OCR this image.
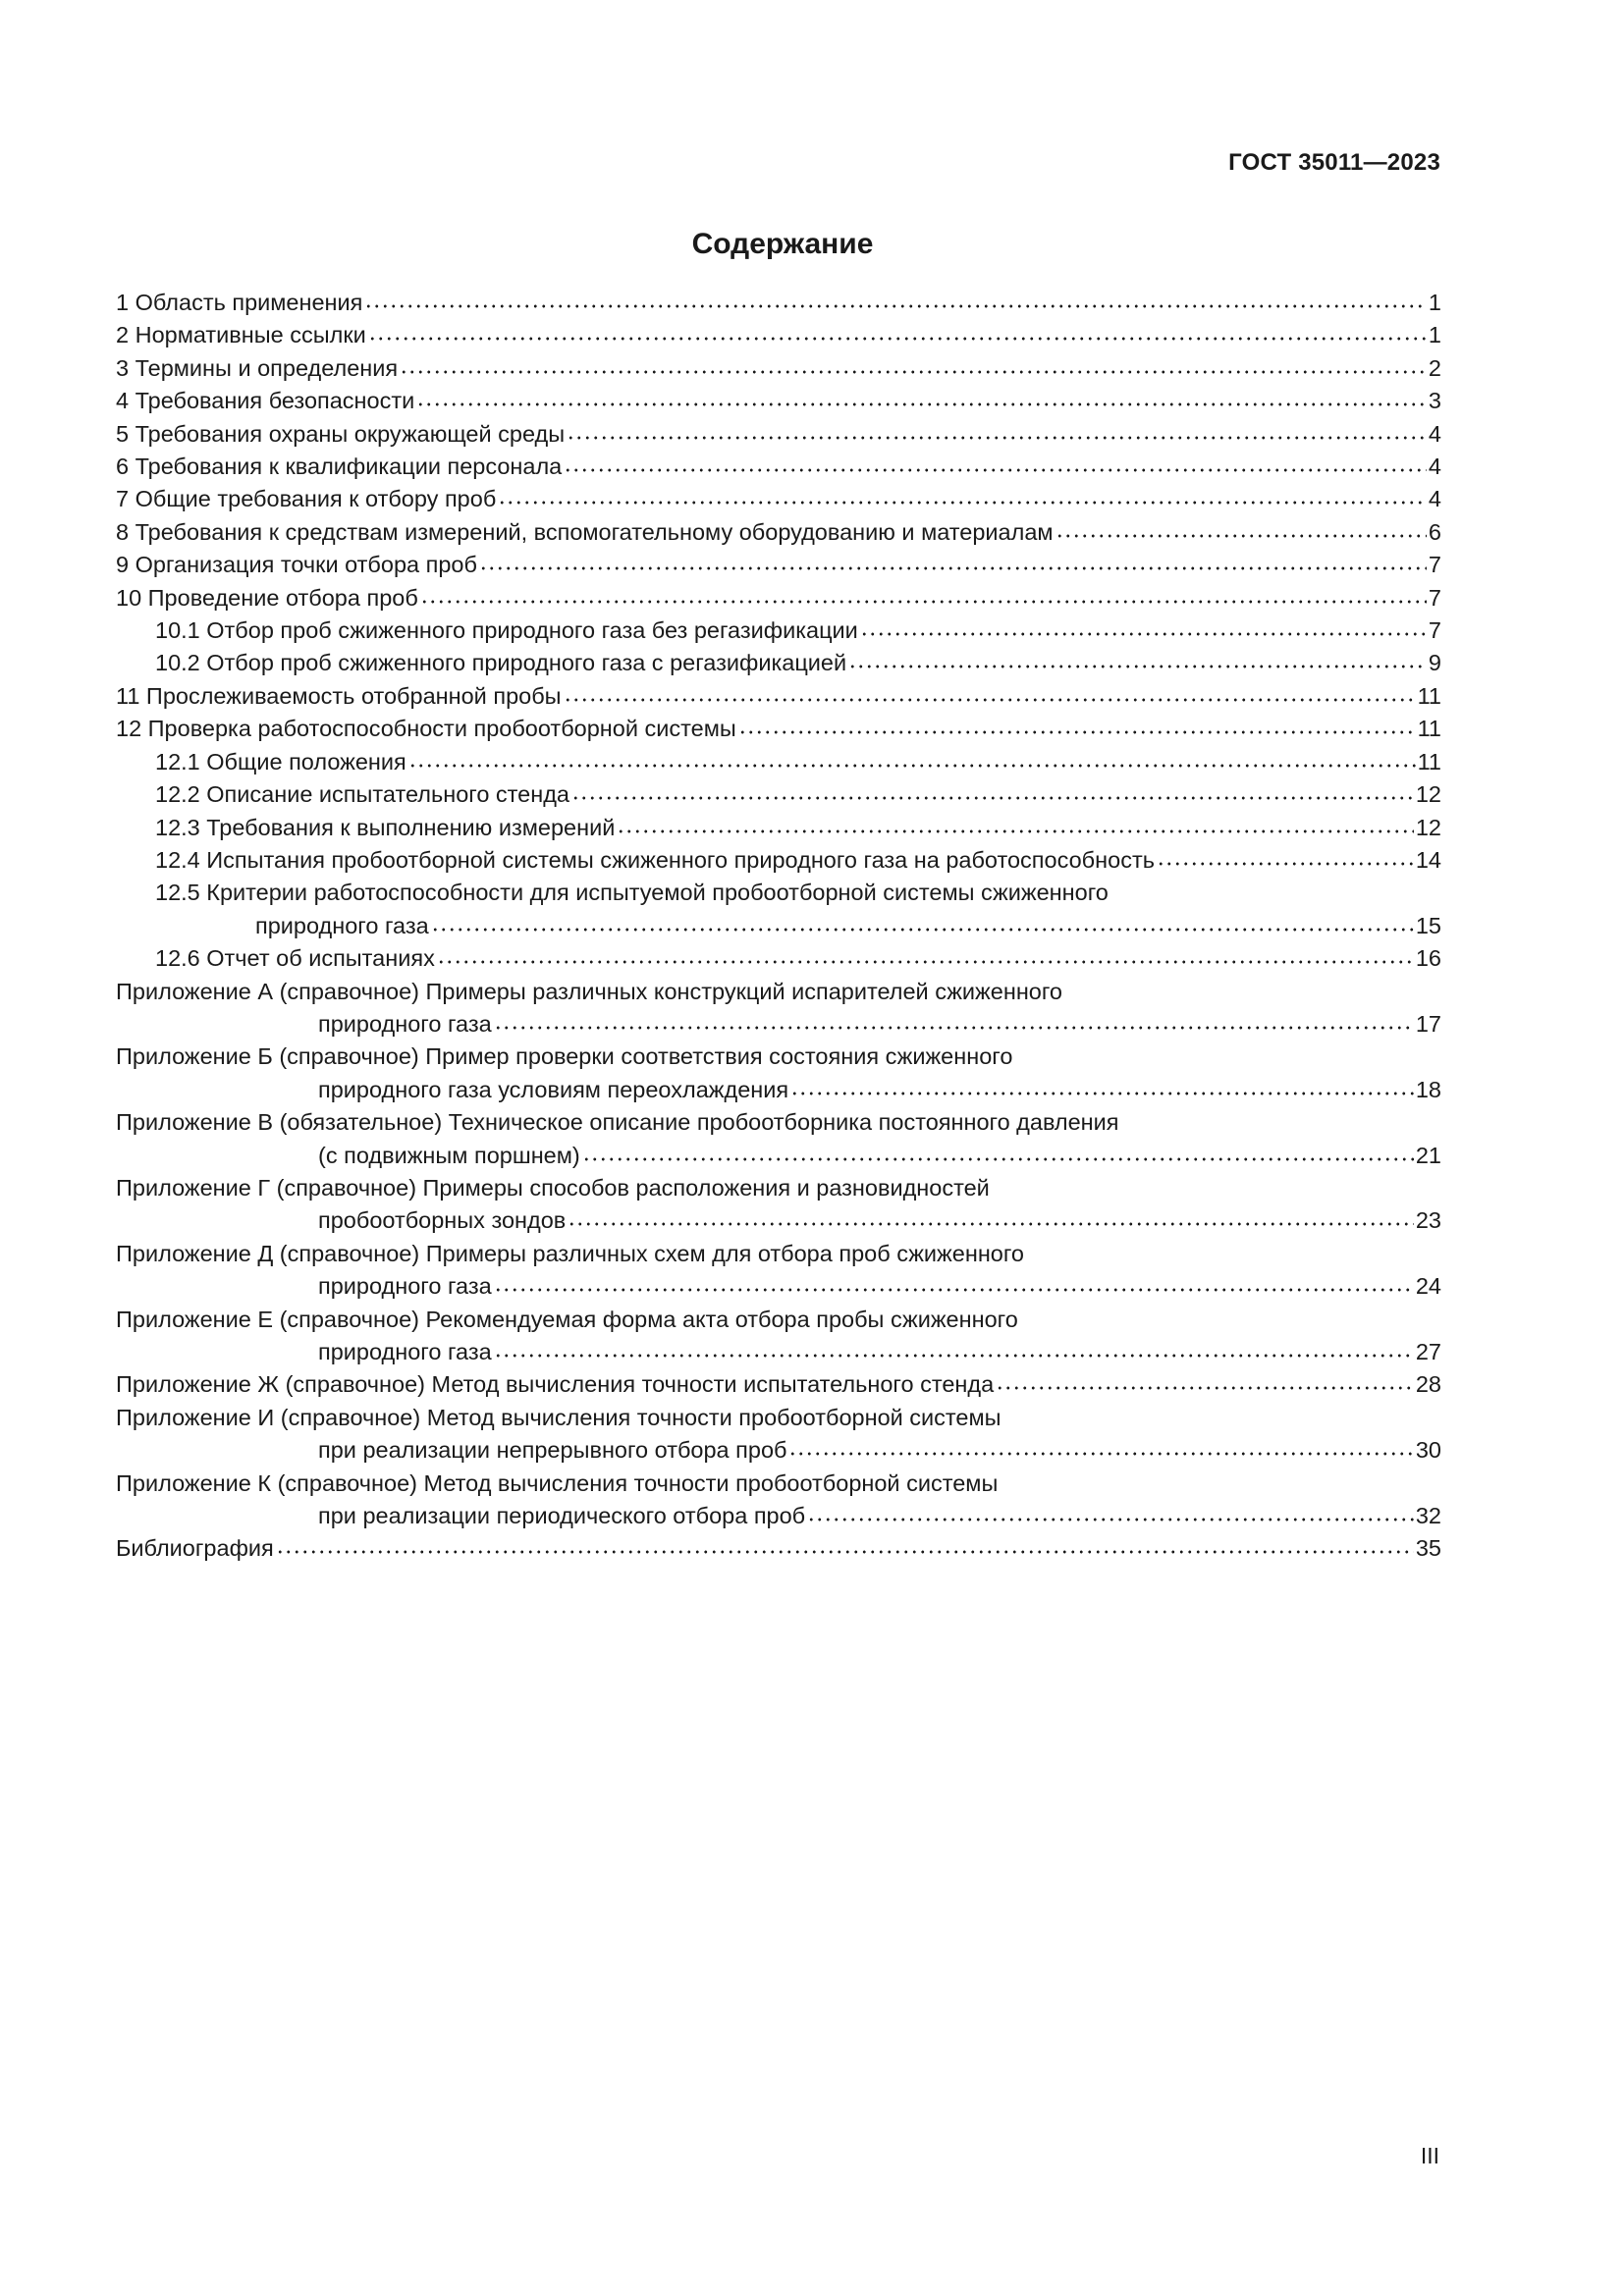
ГОСТ 35011—2023
Содержание
1 Область применения	1
2 Нормативные ссылки	1
3 Термины и определения	2
4 Требования безопасности	3
5 Требования охраны окружающей среды	4
6 Требования к квалификации персонала	4
7 Общие требования к отбору проб	4
8 Требования к средствам измерений, вспомогательному оборудованию и материалам	6
9 Организация точки отбора проб	7
10 Проведение отбора проб	7
10.1 Отбор проб сжиженного природного газа без регазификации	7
10.2 Отбор проб сжиженного природного газа с регазификацией	9
11 Прослеживаемость отобранной пробы	11
12 Проверка работоспособности пробоотборной системы	11
12.1 Общие положения	11
12.2 Описание испытательного стенда	12
12.3 Требования к выполнению измерений	12
12.4 Испытания пробоотборной системы сжиженного природного газа на работоспособность	14
12.5 Критерии работоспособности для испытуемой пробоотборной системы сжиженного
природного газа	15
12.6 Отчет об испытаниях	16
Приложение А (справочное) Примеры различных конструкций испарителей сжиженного
природного газа	17
Приложение Б (справочное) Пример проверки соответствия состояния сжиженного
природного газа условиям переохлаждения	18
Приложение В (обязательное) Техническое описание пробоотборника постоянного давления
(с подвижным поршнем)	21
Приложение Г (справочное) Примеры способов расположения и разновидностей
пробоотборных зондов	23
Приложение Д (справочное) Примеры различных схем для отбора проб сжиженного
природного газа	24
Приложение Е (справочное) Рекомендуемая форма акта отбора пробы сжиженного
природного газа	27
Приложение Ж (справочное) Метод вычисления точности испытательного стенда	28
Приложение И (справочное) Метод вычисления точности пробоотборной системы
при реализации непрерывного отбора проб	30
Приложение К (справочное) Метод вычисления точности пробоотборной системы
при реализации периодического отбора проб	32
Библиография	35
III
